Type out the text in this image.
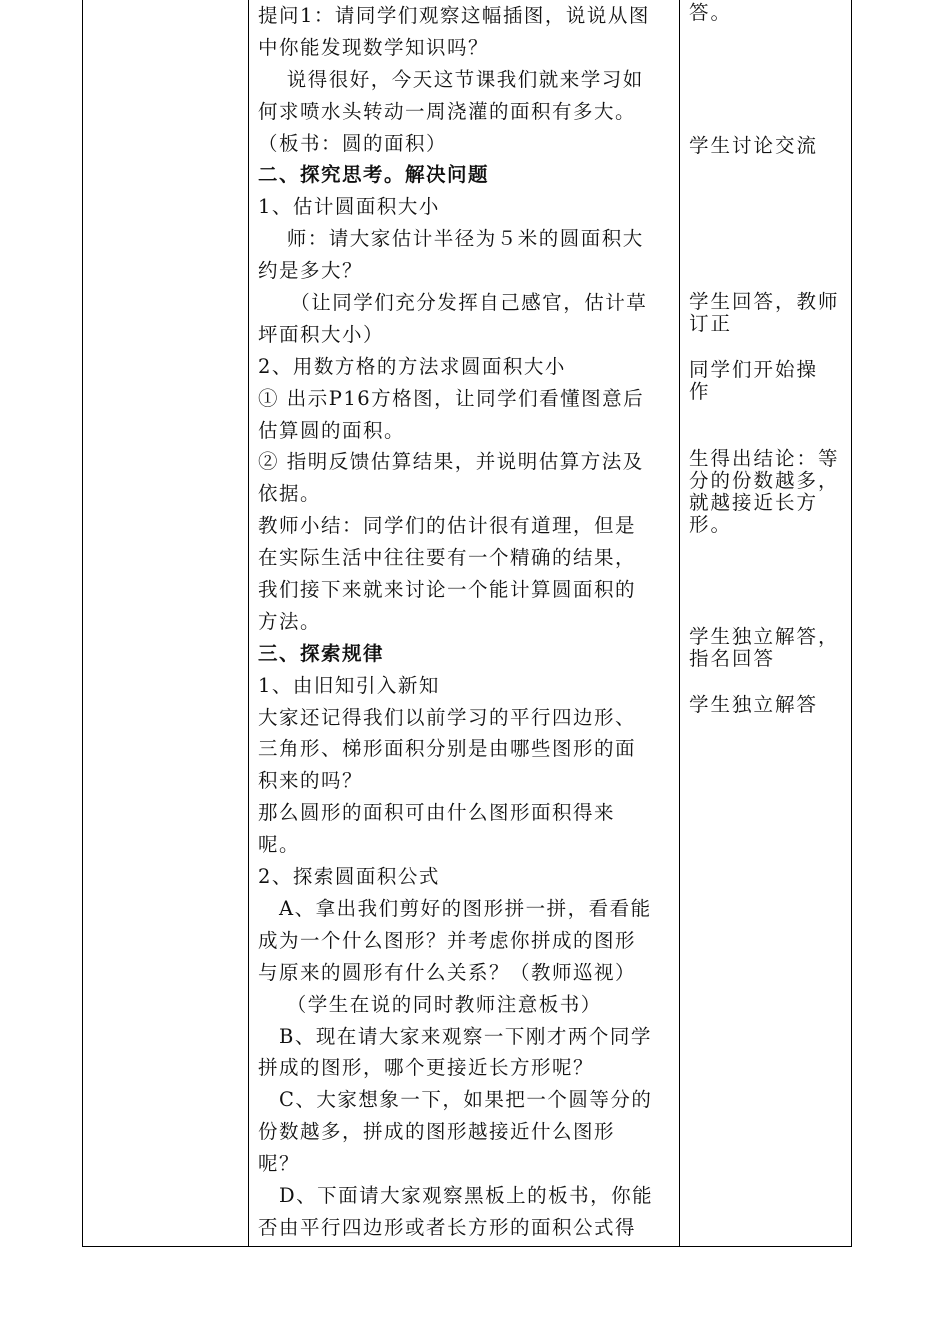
提问1：请同学们观察这幅插图，说说从图
中你能发现数学知识吗？
　 说得很好，今天这节课我们就来学习如
何求喷水头转动一周浇灌的面积有多大。
（板书：圆的面积）
二、探究思考。解决问题
1、估计圆面积大小
　 师：请大家估计半径为５米的圆面积大
约是多大？
　　（让同学们充分发挥自己感官，估计草
坪面积大小）
2、用数方格的方法求圆面积大小
① 出示P16方格图，让同学们看懂图意后
估算圆的面积。
② 指明反馈估算结果，并说明估算方法及
依据。
教师小结：同学们的估计很有道理，但是
在实际生活中往往要有一个精确的结果，
我们接下来就来讨论一个能计算圆面积的
方法。
三、探索规律
1、由旧知引入新知
大家还记得我们以前学习的平行四边形、
三角形、梯形面积分别是由哪些图形的面
积来的吗？
那么圆形的面积可由什么图形面积得来
呢。
2、探索圆面积公式
　A、拿出我们剪好的图形拼一拼，看看能
成为一个什么图形？并考虑你拼成的图形
与原来的圆形有什么关系？（教师巡视）
　 （学生在说的同时教师注意板书）
　B、现在请大家来观察一下刚才两个同学
拼成的图形，哪个更接近长方形呢？
　C、大家想象一下，如果把一个圆等分的
份数越多，拼成的图形越接近什么图形
呢？
　D、下面请大家观察黑板上的板书，你能
否由平行四边形或者长方形的面积公式得
答。
学生讨论交流
学生回答，教师
订正
同学们开始操
作
生得出结论：等
分的份数越多，
就越接近长方
形。
学生独立解答，
指名回答
学生独立解答
